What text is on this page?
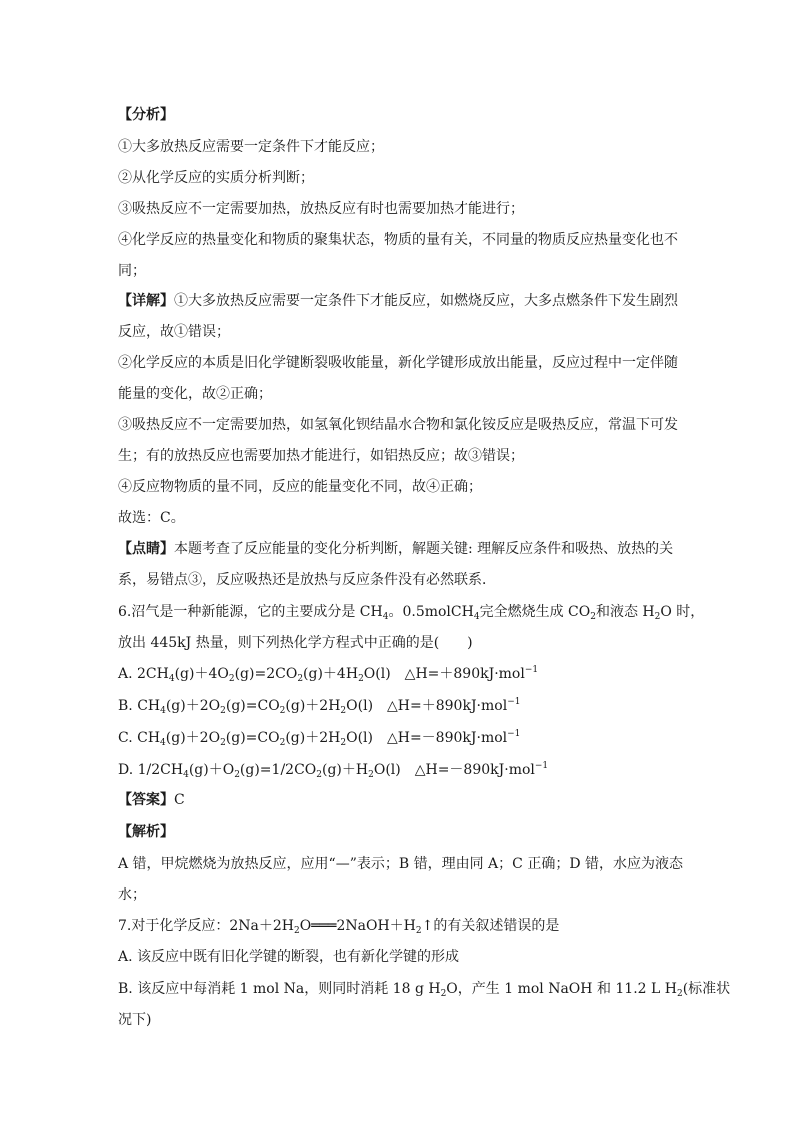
【分析】
①大多放热反应需要一定条件下才能反应；
②从化学反应的实质分析判断；
③吸热反应不一定需要加热，放热反应有时也需要加热才能进行；
④化学反应的热量变化和物质的聚集状态，物质的量有关，不同量的物质反应热量变化也不
同；
【详解】①大多放热反应需要一定条件下才能反应，如燃烧反应，大多点燃条件下发生剧烈
反应，故①错误；
②化学反应的本质是旧化学键断裂吸收能量，新化学键形成放出能量，反应过程中一定伴随
能量的变化，故②正确；
③吸热反应不一定需要加热，如氢氧化钡结晶水合物和氯化铵反应是吸热反应，常温下可发
生；有的放热反应也需要加热才能进行，如铝热反应；故③错误；
④反应物物质的量不同，反应的能量变化不同，故④正确；
故选：C。
【点睛】本题考查了反应能量的变化分析判断，解题关键: 理解反应条件和吸热、放热的关
系，易错点③，反应吸热还是放热与反应条件没有必然联系．
6.沼气是一种新能源，它的主要成分是 $CH_4$。0.5molCH$_4$完全燃烧生成 $CO_2$和液态 $H_2O$ 时，
放出 445kJ 热量，则下列热化学方程式中正确的是(　　)
A. $2CH_4(g)+4O_2(g)=2CO_2(g)+4H_2O(l)$　△H=＋890kJ·mol$^{-1}$
B. $CH_4(g)+2O_2(g)=CO_2(g)+2H_2O(l)$　△H=＋890kJ·mol$^{-1}$
C. $CH_4(g)+2O_2(g)=CO_2(g)+2H_2O(l)$　△H=－890kJ·mol$^{-1}$
D. $1/2CH_4(g)+O_2(g)=1/2CO_2(g)+H_2O(l)$　△H=－890kJ·mol$^{-1}$
【答案】C
【解析】
A 错，甲烷燃烧为放热反应，应用“—”表示；B 错，理由同 A；C 正确；D 错，水应为液态
水；
7.对于化学反应：$2Na+2H_2O═══2NaOH+H_2↑$的有关叙述错误的是
A. 该反应中既有旧化学键的断裂，也有新化学键的形成
B. 该反应中每消耗 1 mol Na，则同时消耗 18 g $H_2O$，产生 1 mol NaOH 和 11.2 L $H_2$(标准状
况下)
